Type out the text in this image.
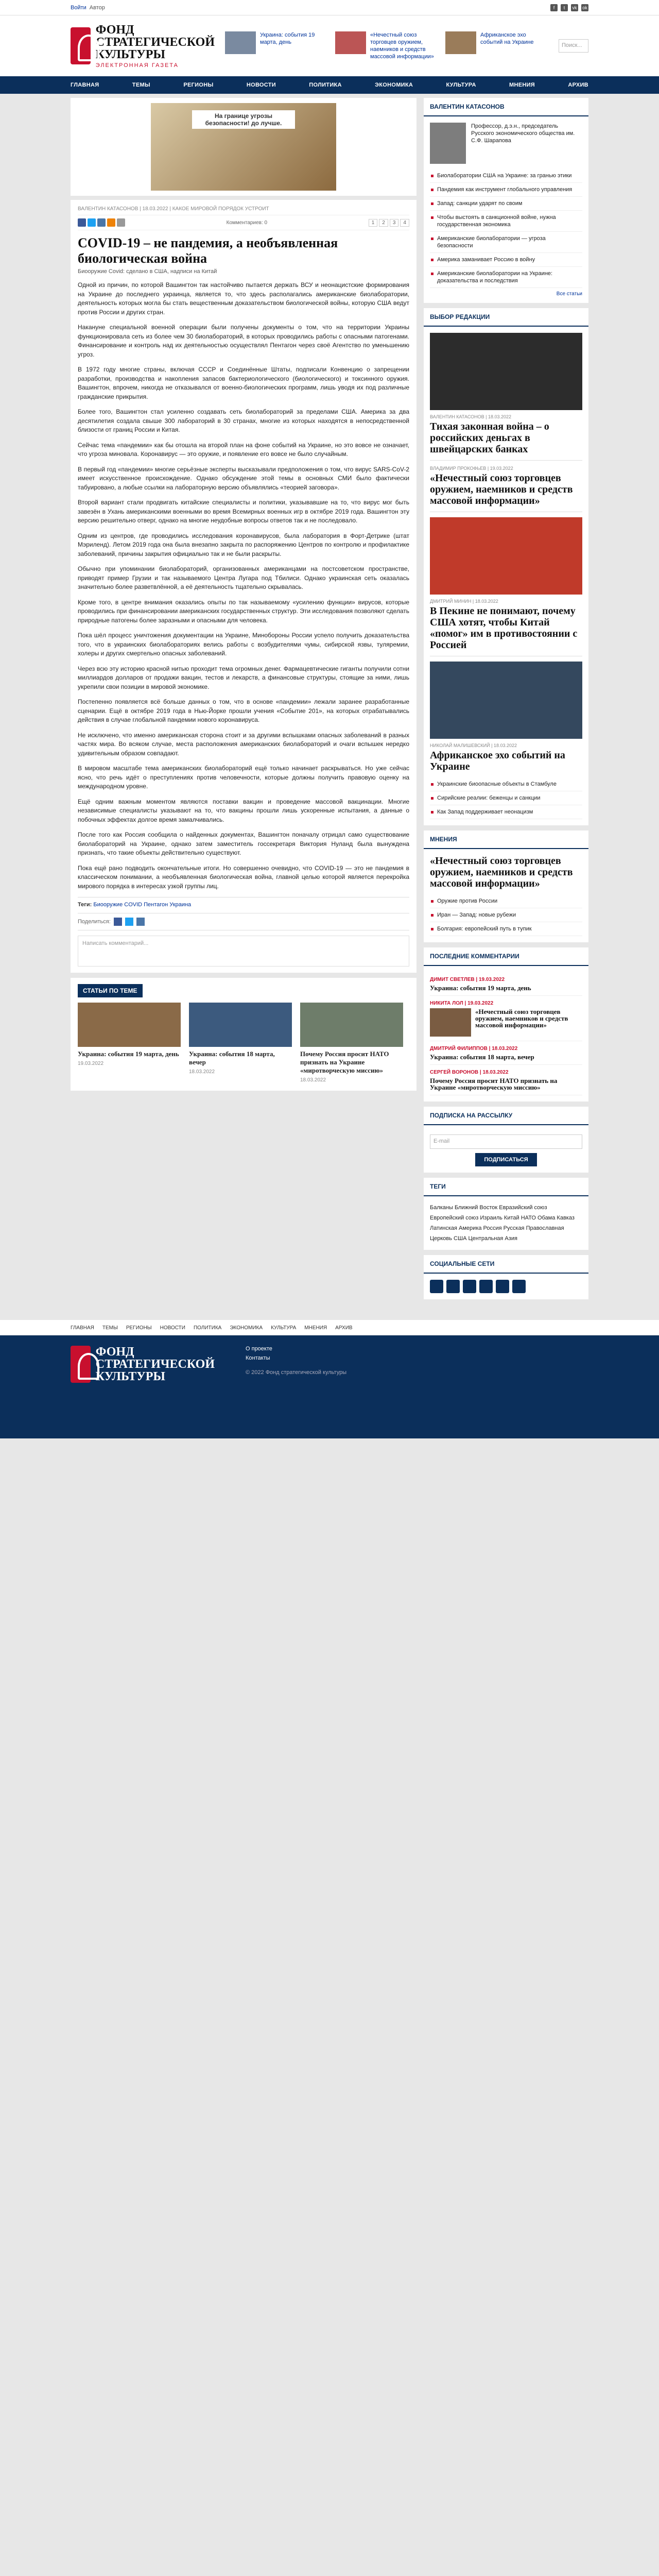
Войти Автор	f	t	vk ok
ФОНД
СТРАТЕГИЧЕСКОЙ
КУЛЬТУРЫ
ЭЛЕКТРОННАЯ ГАЗЕТА
Украина: события 19 марта, день
«Нечестный союз торговцев оружием, наемников и средств массовой информации»
Африканское эхо событий на Украине	Поиск...
ГЛАВНАЯ	ТЕМЫ	РЕГИОНЫ	НОВОСТИ	ПОЛИТИКА	ЭКОНОМИКА	КУЛЬТУРА	МНЕНИЯ	АРХИВ
На границе угрозы безопасности! до лучше.
ВАЛЕНТИН КАТАСОНОВ | 18.03.2022 | КАКОЕ МИРОВОЙ ПОРЯДОК УСТРОИТ
Комментариев: 0	1	2	3	4
COVID-19 – не пандемия, а необъявленная биологическая война
Биооружие Covid: сделано в США, надписи на Китай

Одной из причин, по которой Вашингтон так настойчиво пытается держать ВСУ и неонацистские формирования на Украине до последнего украинца, является то, что здесь располагались американские биолаборатории, деятельность которых могла бы стать вещественным доказательством биологической войны, которую США ведут против России и других стран.

Накануне специальной военной операции были получены документы о том, что на территории Украины функционировала сеть из более чем 30 биолабораторий, в которых проводились работы с опасными патогенами. Финансирование и контроль над их деятельностью осуществлял Пентагон через своё Агентство по уменьшению угроз.

В 1972 году многие страны, включая СССР и Соединённые Штаты, подписали Конвенцию о запрещении разработки, производства и накопления запасов бактериологического (биологического) и токсинного оружия. Вашингтон, впрочем, никогда не отказывался от военно-биологических программ, лишь уводя их под различные гражданские прикрытия.

Более того, Вашингтон стал усиленно создавать сеть биолабораторий за пределами США. Америка за два десятилетия создала свыше 300 лабораторий в 30 странах, многие из которых находятся в непосредственной близости от границ России и Китая.

Сейчас тема «пандемии» как бы отошла на второй план на фоне событий на Украине, но это вовсе не означает, что угроза миновала. Коронавирус — это оружие, и появление его вовсе не было случайным.

В первый год «пандемии» многие серьёзные эксперты высказывали предположения о том, что вирус SARS-CoV-2 имеет искусственное происхождение. Однако обсуждение этой темы в основных СМИ было фактически табуировано, а любые ссылки на лабораторную версию объявлялись «теорией заговора».

Второй вариант стали продвигать китайские специалисты и политики, указывавшие на то, что вирус мог быть завезён в Ухань американскими военными во время Всемирных военных игр в октябре 2019 года. Вашингтон эту версию решительно отверг, однако на многие неудобные вопросы ответов так и не последовало.

Одним из центров, где проводились исследования коронавирусов, была лаборатория в Форт-Детрике (штат Мэриленд). Летом 2019 года она была внезапно закрыта по распоряжению Центров по контролю и профилактике заболеваний, причины закрытия официально так и не были раскрыты.

Обычно при упоминании биолабораторий, организованных американцами на постсоветском пространстве, приводят пример Грузии и так называемого Центра Лугара под Тбилиси. Однако украинская сеть оказалась значительно более разветвлённой, а её деятельность тщательно скрывалась.

Кроме того, в центре внимания оказались опыты по так называемому «усилению функции» вирусов, которые проводились при финансировании американских государственных структур. Эти исследования позволяют сделать природные патогены более заразными и опасными для человека.

Пока шёл процесс уничтожения документации на Украине, Минобороны России успело получить доказательства того, что в украинских биолабораториях велись работы с возбудителями чумы, сибирской язвы, туляремии, холеры и других смертельно опасных заболеваний.

Через всю эту историю красной нитью проходит тема огромных денег. Фармацевтические гиганты получили сотни миллиардов долларов от продажи вакцин, тестов и лекарств, а финансовые структуры, стоящие за ними, лишь укрепили свои позиции в мировой экономике.

Постепенно появляется всё больше данных о том, что в основе «пандемии» лежали заранее разработанные сценарии. Ещё в октябре 2019 года в Нью-Йорке прошли учения «Событие 201», на которых отрабатывались действия в случае глобальной пандемии нового коронавируса.

Не исключено, что именно американская сторона стоит и за другими вспышками опасных заболеваний в разных частях мира. Во всяком случае, места расположения американских биолабораторий и очаги вспышек нередко удивительным образом совпадают.

В мировом масштабе тема американских биолабораторий ещё только начинает раскрываться. Но уже сейчас ясно, что речь идёт о преступлениях против человечности, которые должны получить правовую оценку на международном уровне.

Ещё одним важным моментом являются поставки вакцин и проведение массовой вакцинации. Многие независимые специалисты указывают на то, что вакцины прошли лишь ускоренные испытания, а данные о побочных эффектах долгое время замалчивались.

После того как Россия сообщила о найденных документах, Вашингтон поначалу отрицал само существование биолабораторий на Украине, однако затем заместитель госсекретаря Виктория Нуланд была вынуждена признать, что такие объекты действительно существуют.

Пока ещё рано подводить окончательные итоги. Но совершенно очевидно, что COVID-19 — это не пандемия в классическом понимании, а необъявленная биологическая война, главной целью которой является перекройка мирового порядка в интересах узкой группы лиц.

Теги: Биооружие COVID Пентагон Украина
Поделиться:
Написать комментарий...
СТАТЬИ ПО ТЕМЕ
Украина: события 19 марта, день
19.03.2022
Украина: события 18 марта, вечер
18.03.2022
Почему Россия просит НАТО признать на Украине «миротворческую миссию»
18.03.2022
ВАЛЕНТИН КАТАСОНОВ
Профессор, д.э.н., председатель Русского экономического общества им. С.Ф. Шарапова
Биолаборатории США на Украине: за гранью этики
Пандемия как инструмент глобального управления
Запад: санкции ударят по своим
Чтобы выстоять в санкционной войне, нужна государственная экономика
Американские биолаборатории — угроза безопасности
Америка заманивает Россию в войну
Американские биолаборатории на Украине: доказательства и последствия
Все статьи
ВЫБОР РЕДАКЦИИ
ВАЛЕНТИН КАТАСОНОВ | 18.03.2022
Тихая законная война – о российских деньгах в швейцарских банках
ВЛАДИМИР ПРОКОФЬЕВ | 19.03.2022
«Нечестный союз торговцев оружием, наемников и средств массовой информации»
ДМИТРИЙ МИНИН | 18.03.2022
В Пекине не понимают, почему США хотят, чтобы Китай «помог» им в противостоянии с Россией
НИКОЛАЙ МАЛИШЕВСКИЙ | 18.03.2022
Африканское эхо событий на Украине
Украинские биоопасные объекты в Стамбуле
Сирийские реалии: беженцы и санкции
Как Запад поддерживает неонацизм
МНЕНИЯ
«Нечестный союз торговцев оружием, наемников и средств массовой информации»
Оружие против России
Иран — Запад: новые рубежи
Болгария: европейский путь в тупик
ПОСЛЕДНИЕ КОММЕНТАРИИ
ДИМИТ СВЕТЛЕВ | 19.03.2022
Украина: события 19 марта, день
НИКИТА ЛОЛ | 19.03.2022
«Нечестный союз торговцев оружием, наемников и средств массовой информации»
ДМИТРИЙ ФИЛИППОВ | 18.03.2022
Украина: события 18 марта, вечер
СЕРГЕЙ ВОРОНОВ | 18.03.2022
Почему Россия просит НАТО признать на Украине «миротворческую миссию»
ПОДПИСКА НА РАССЫЛКУ
E-mail
ПОДПИСАТЬСЯ
ТЕГИ
Балканы Ближний Восток Евразийский союз Европейский союз Израиль Китай НАТО Обама Кавказ Латинская Америка Россия Русская Православная Церковь США Центральная Азия
СОЦИАЛЬНЫЕ СЕТИ
ГЛАВНАЯ ТЕМЫ РЕГИОНЫ НОВОСТИ ПОЛИТИКА ЭКОНОМИКА КУЛЬТУРА МНЕНИЯ АРХИВ
ФОНД
СТРАТЕГИЧЕСКОЙ
КУЛЬТУРЫ
О проекте
Контакты
© 2022 Фонд стратегической культуры
